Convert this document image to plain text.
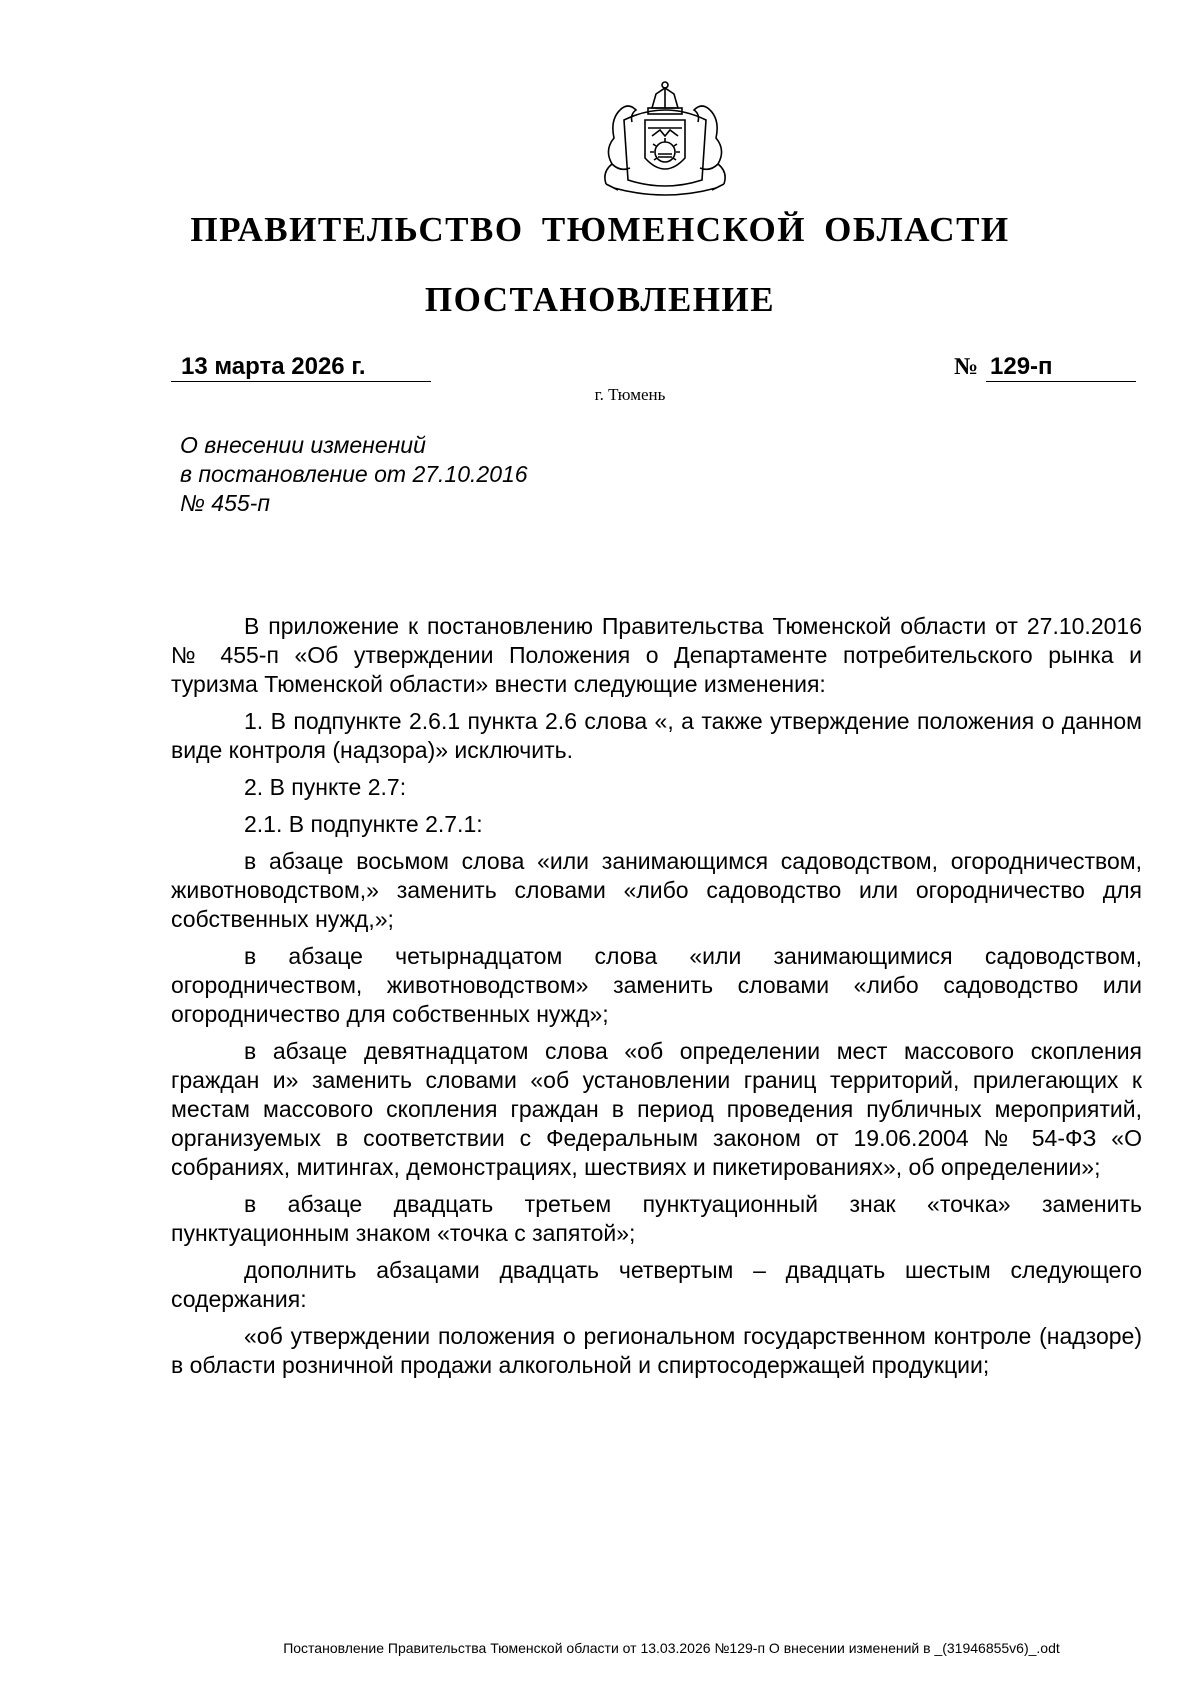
ПРАВИТЕЛЬСТВО ТЮМЕНСКОЙ ОБЛАСТИ
ПОСТАНОВЛЕНИЕ
13 марта 2026 г.	№ 129-п
г. Тюмень
О внесении изменений
в постановление от 27.10.2016
№ 455-п

В приложение к постановлению Правительства Тюменской области от 27.10.2016 № 455-п «Об утверждении Положения о Департаменте потребительского рынка и туризма Тюменской области» внести следующие изменения:

1. В подпункте 2.6.1 пункта 2.6 слова «, а также утверждение положения о данном виде контроля (надзора)» исключить.

2. В пункте 2.7:

2.1. В подпункте 2.7.1:

в абзаце восьмом слова «или занимающимся садоводством, огородничеством, животноводством,» заменить словами «либо садоводство или огородничество для собственных нужд,»;

в абзаце четырнадцатом слова «или занимающимися садоводством, огородничеством, животноводством» заменить словами «либо садоводство или огородничество для собственных нужд»;

в абзаце девятнадцатом слова «об определении мест массового скопления граждан и» заменить словами «об установлении границ территорий, прилегающих к местам массового скопления граждан в период проведения публичных мероприятий, организуемых в соответствии с Федеральным законом от 19.06.2004 № 54-ФЗ «О собраниях, митингах, демонстрациях, шествиях и пикетированиях», об определении»;

в абзаце двадцать третьем пунктуационный знак «точка» заменить пунктуационным знаком «точка с запятой»;

дополнить абзацами двадцать четвертым – двадцать шестым следующего содержания:

«об утверждении положения о региональном государственном контроле (надзоре) в области розничной продажи алкогольной и спиртосодержащей продукции;

Постановление Правительства Тюменской области от 13.03.2026 №129-п О внесении изменений в _(31946855v6)_.odt
